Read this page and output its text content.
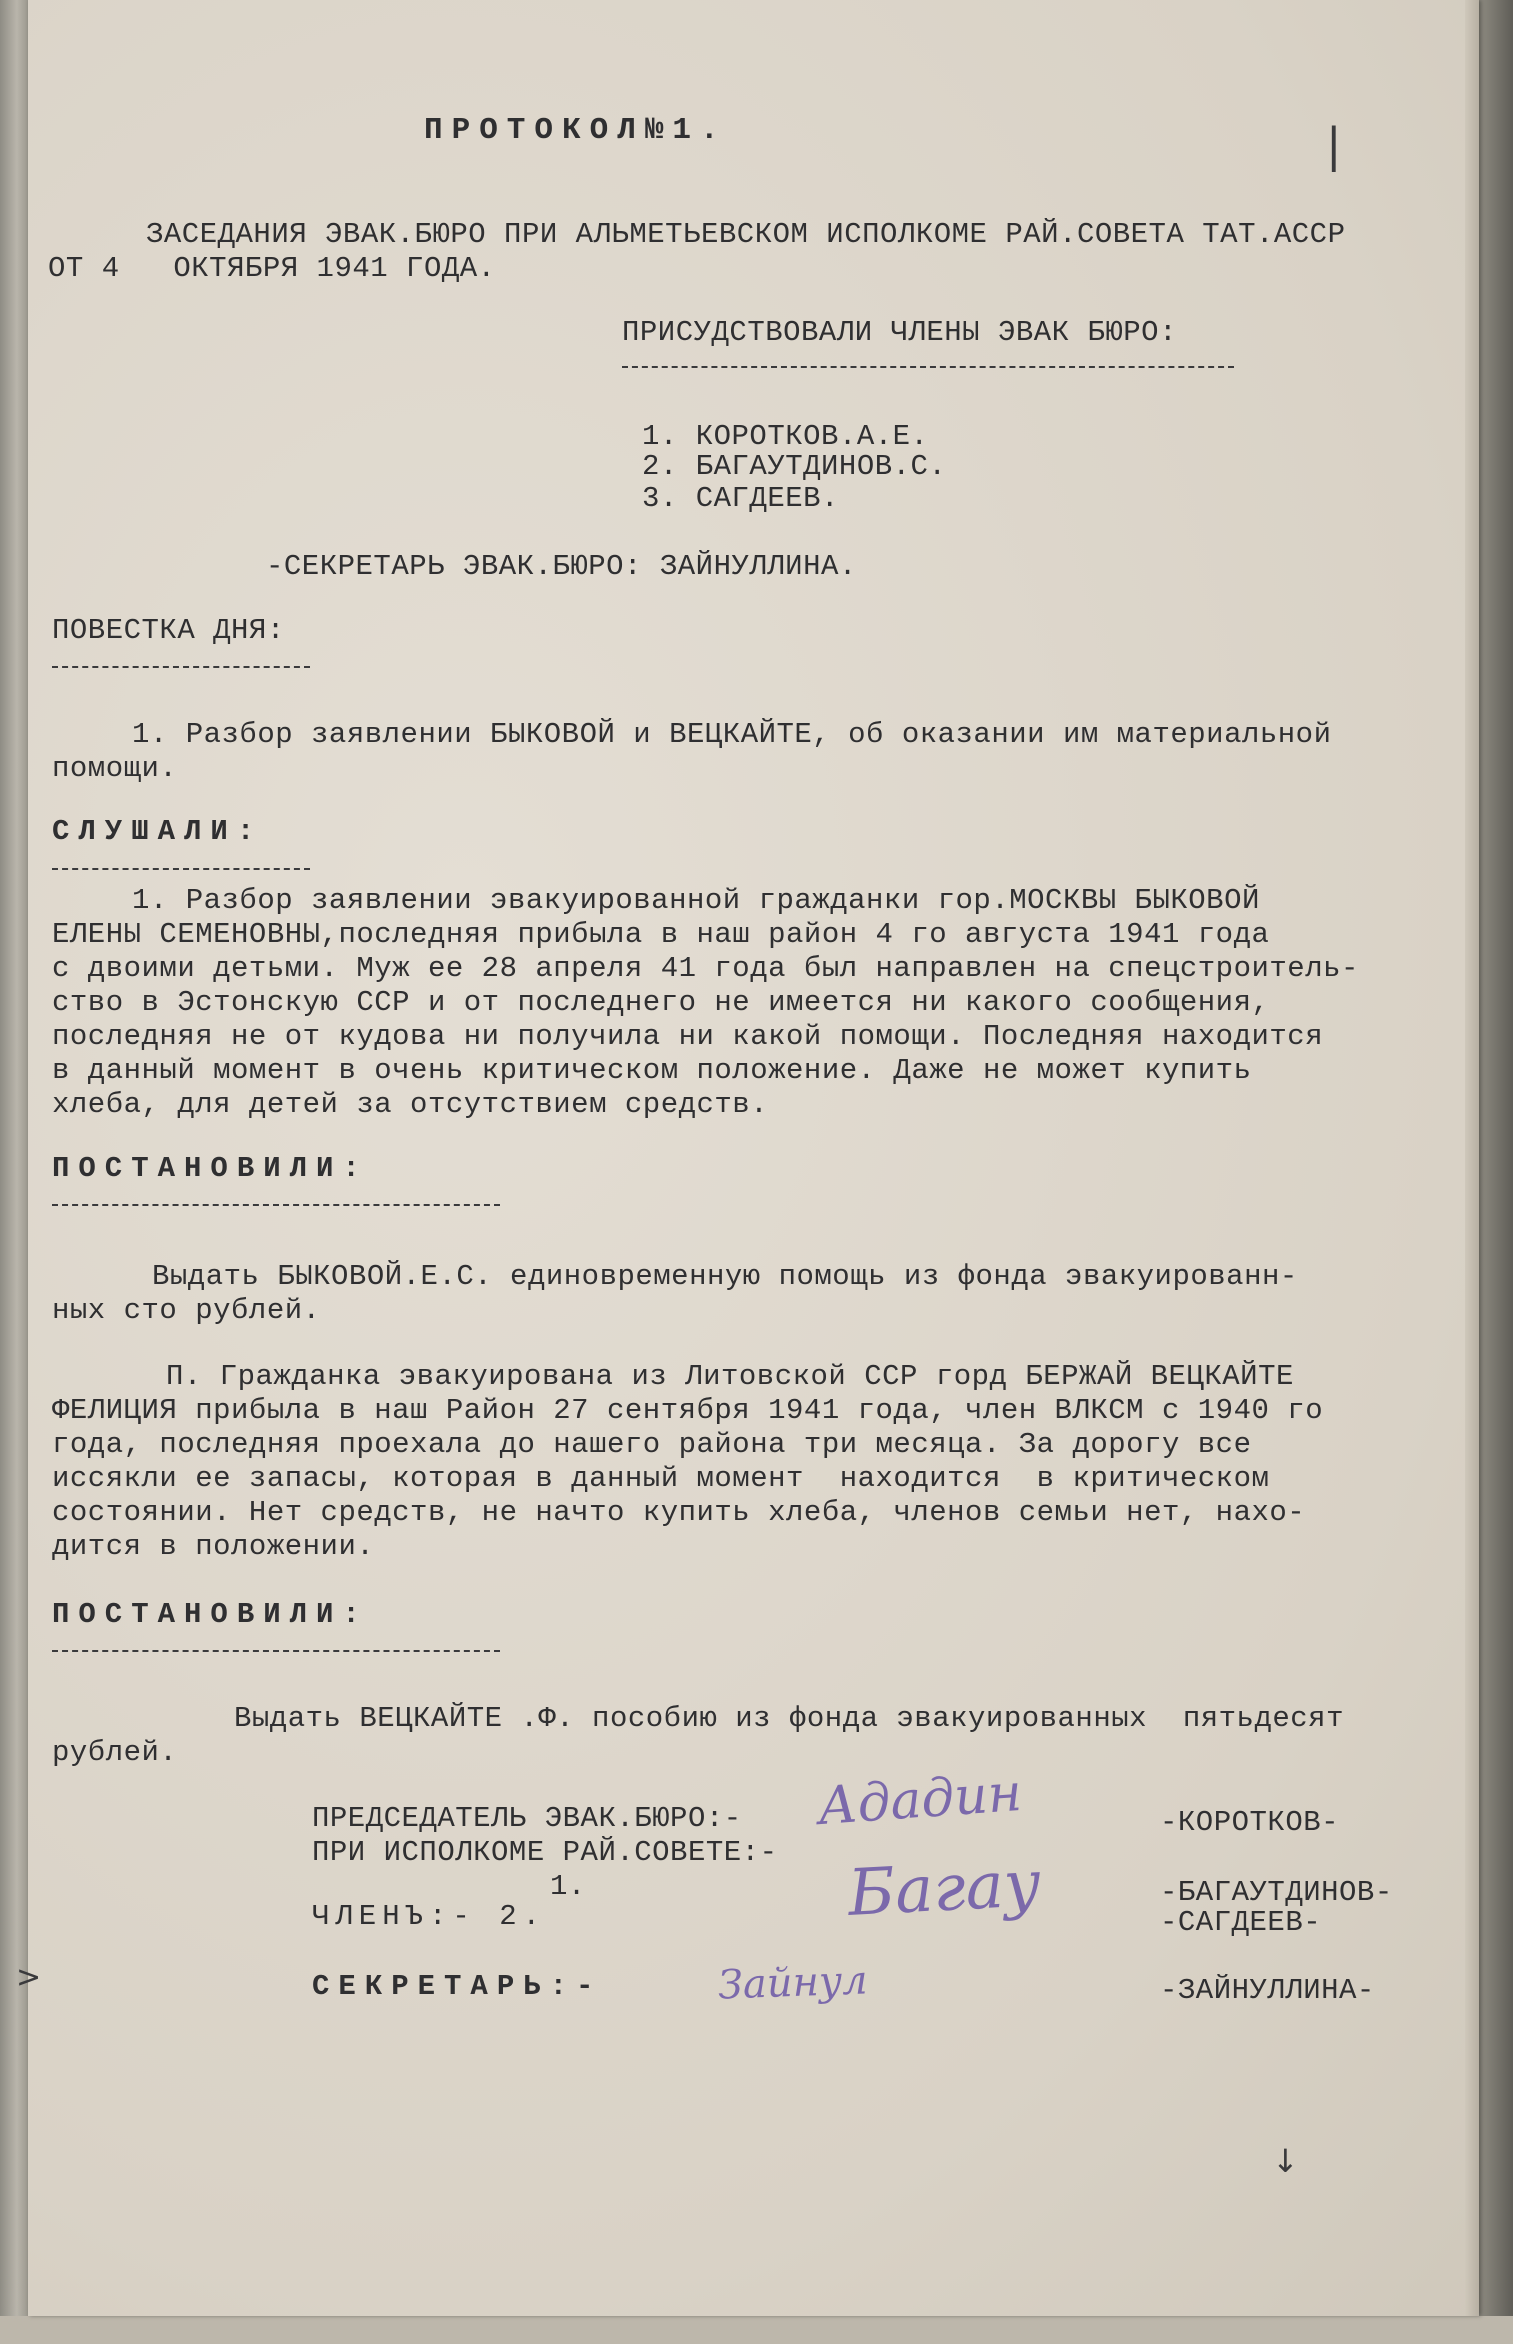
|
ПРОТОКОЛ№1.
ЗАСЕДАНИЯ ЭВАК.БЮРО ПРИ АЛЬМЕТЬЕВСКОМ ИСПОЛКОМЕ РАЙ.СОВЕТА ТАТ.АССР
ОТ 4   ОКТЯБРЯ 1941 ГОДА.
ПРИСУДСТВОВАЛИ ЧЛЕНЫ ЭВАК БЮРО:
1. КОРОТКОВ.А.Е.
2. БАГАУТДИНОВ.С.
3. САГДЕЕВ.
-СЕКРЕТАРЬ ЭВАК.БЮРО: ЗАЙНУЛЛИНА.
ПОВЕСТКА ДНЯ:
1. Разбор заявлении БЫКОВОЙ и ВЕЦКАЙТЕ, об оказании им материальной
помощи.
СЛУШАЛИ:
1. Разбор заявлении эвакуированной гражданки гор.МОСКВЫ БЫКОВОЙ
ЕЛЕНЫ СЕМЕНОВНЫ,последняя прибыла в наш район 4 го августа 1941 года
с двоими детьми. Муж ее 28 апреля 41 года был направлен на спецстроитель-
ство в Эстонскую ССР и от последнего не имеется ни какого сообщения,
последняя не от кудова ни получила ни какой помощи. Последняя находится
в данный момент в очень критическом положение. Даже не может купить
хлеба, для детей за отсутствием средств.
ПОСТАНОВИЛИ:
Выдать БЫКОВОЙ.Е.С. единовременную помощь из фонда эвакуированн-
ных сто рублей.
П. Гражданка эвакуирована из Литовской ССР горд БЕРЖАЙ ВЕЦКАЙТЕ
ФЕЛИЦИЯ прибыла в наш Район 27 сентября 1941 года, член ВЛКСМ с 1940 го
года, последняя проехала до нашего района три месяца. За дорогу все
иссякли ее запасы, которая в данный момент  находится  в критическом
состоянии. Нет средств, не начто купить хлеба, членов семьи нет, нахо-
дится в положении.
ПОСТАНОВИЛИ:
Выдать ВЕЦКАЙТЕ .Ф. пособию из фонда эвакуированных  пятьдесят
рублей.
ПРЕДСЕДАТЕЛЬ ЭВАК.БЮРО:-
ПРИ ИСПОЛКОМЕ РАЙ.СОВЕТЕ:-
-КОРОТКОВ-
1.
ЧЛЕНЪ:- 2.
-БАГАУТДИНОВ-
-САГДЕЕВ-
СЕКРЕТАРЬ:-	-ЗАЙНУЛЛИНА-
Ададин
Багау
Зайнул
>
↓
